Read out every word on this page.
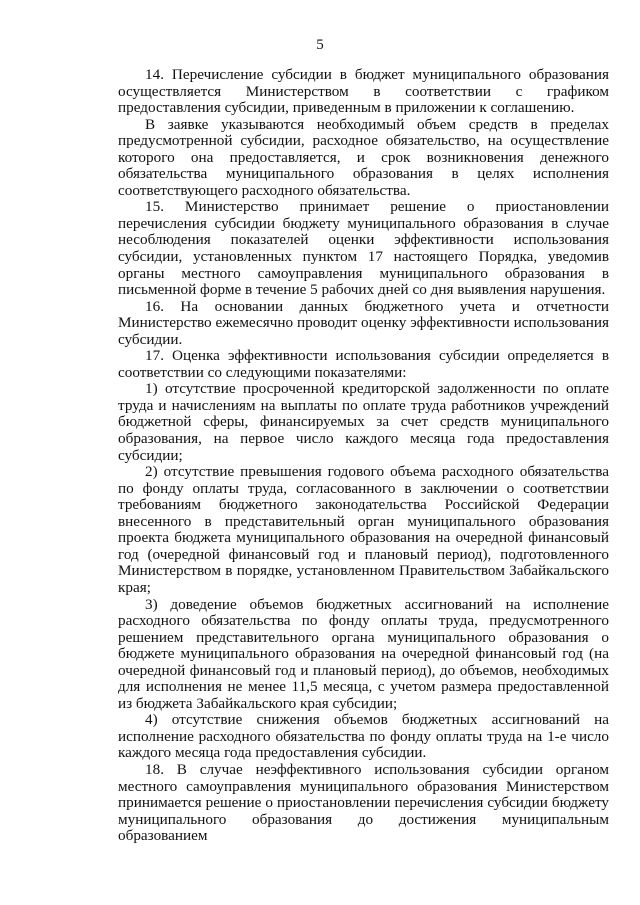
5

14. Перечисление субсидии в бюджет муниципального образования осуществляется Министерством в соответствии с графиком предоставления субсидии, приведенным в приложении к соглашению.

В заявке указываются необходимый объем средств в пределах предусмотренной субсидии, расходное обязательство, на осуществление которого она предоставляется, и срок возникновения денежного обязательства муниципального образования в целях исполнения соответствующего расходного обязательства.

15. Министерство принимает решение о приостановлении перечисления субсидии бюджету муниципального образования в случае несоблюдения показателей оценки эффективности использования субсидии, установленных пунктом 17 настоящего Порядка, уведомив органы местного самоуправления муниципального образования в письменной форме в течение 5 рабочих дней со дня выявления нарушения.

16. На основании данных бюджетного учета и отчетности Министерство ежемесячно проводит оценку эффективности использования субсидии.

17. Оценка эффективности использования субсидии определяется в соответствии со следующими показателями:

1) отсутствие просроченной кредиторской задолженности по оплате труда и начислениям на выплаты по оплате труда работников учреждений бюджетной сферы, финансируемых за счет средств муниципального образования, на первое число каждого месяца года предоставления субсидии;

2) отсутствие превышения годового объема расходного обязательства по фонду оплаты труда, согласованного в заключении о соответствии требованиям бюджетного законодательства Российской Федерации внесенного в представительный орган муниципального образования проекта бюджета муниципального образования на очередной финансовый год (очередной финансовый год и плановый период), подготовленного Министерством в порядке, установленном Правительством Забайкальского края;

3) доведение объемов бюджетных ассигнований на исполнение расходного обязательства по фонду оплаты труда, предусмотренного решением представительного органа муниципального образования о бюджете муниципального образования на очередной финансовый год (на очередной финансовый год и плановый период), до объемов, необходимых для исполнения не менее 11,5 месяца, с учетом размера предоставленной из бюджета Забайкальского края субсидии;

4) отсутствие снижения объемов бюджетных ассигнований на исполнение расходного обязательства по фонду оплаты труда на 1-е число каждого месяца года предоставления субсидии.

18. В случае неэффективного использования субсидии органом местного самоуправления муниципального образования Министерством принимается решение о приостановлении перечисления субсидии бюджету муниципального образования до достижения муниципальным образованием
